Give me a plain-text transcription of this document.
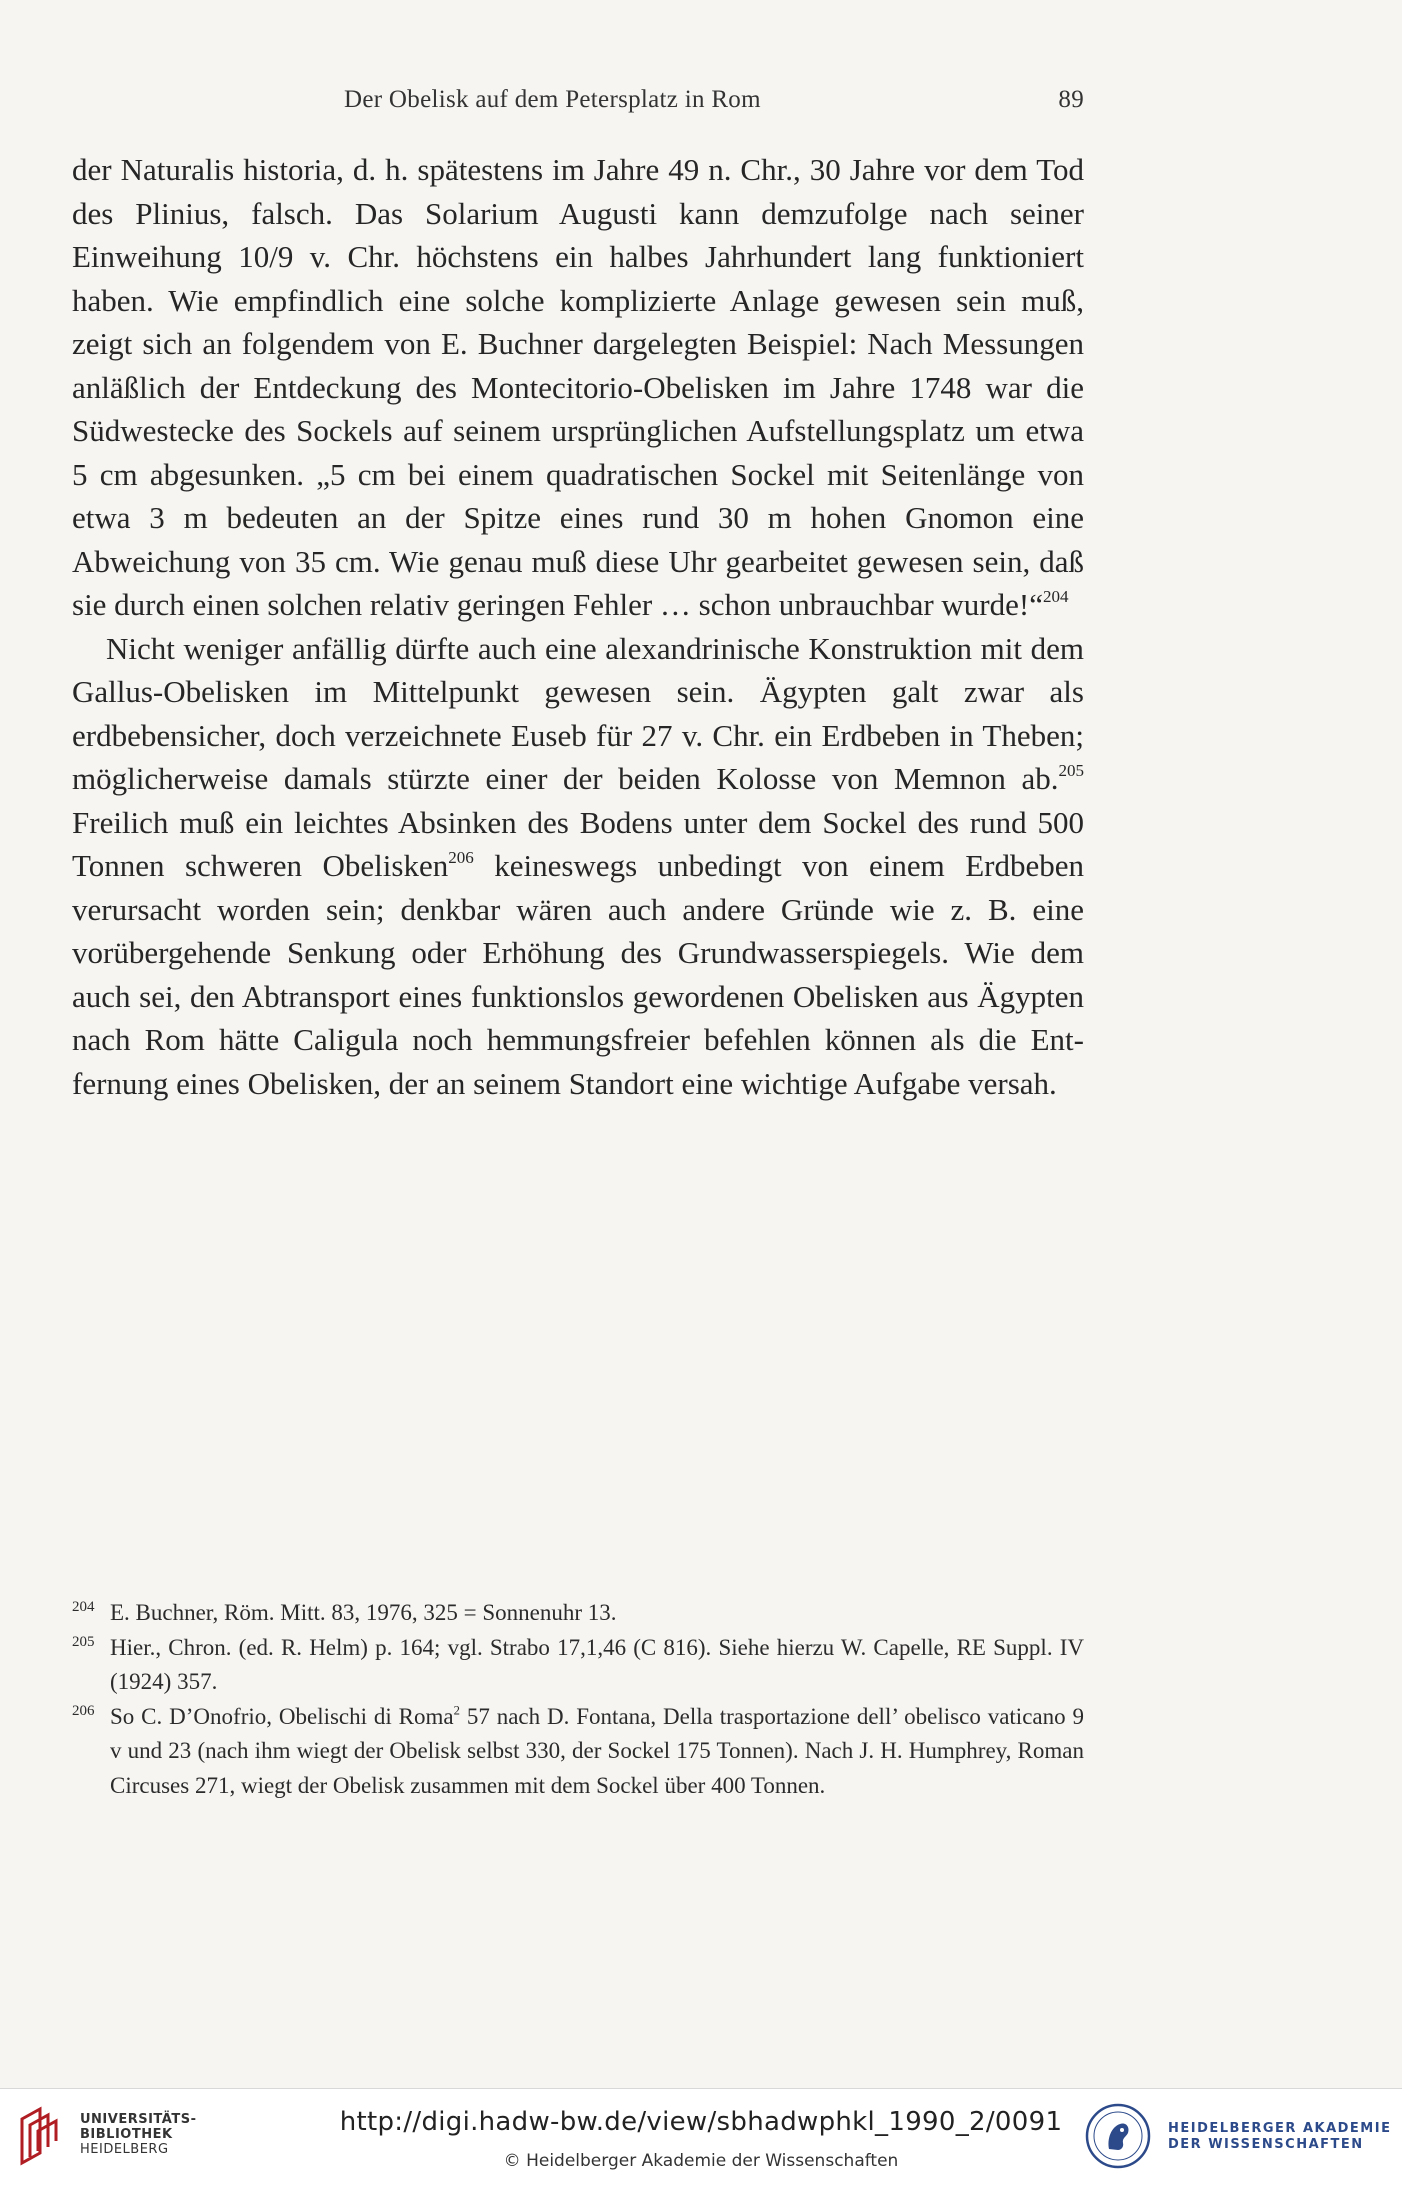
Der Obelisk auf dem Petersplatz in Rom	89

der Naturalis historia, d. h. spätestens im Jahre 49 n. Chr., 30 Jahre vor dem Tod des Plinius, falsch. Das Solarium Augusti kann demzufolge nach seiner Einweihung 10/9 v. Chr. höchstens ein halbes Jahrhundert lang funktioniert haben. Wie empfindlich eine solche komplizierte Anlage gewesen sein muß, zeigt sich an folgendem von E. Buchner dargelegten Beispiel: Nach Messungen anläßlich der Entdeckung des Montecitorio-Obelisken im Jahre 1748 war die Südwestecke des Sockels auf seinem ursprünglichen Aufstellungsplatz um etwa 5 cm abgesunken. „5 cm bei einem quadratischen Sockel mit Seitenlänge von etwa 3 m bedeuten an der Spitze eines rund 30 m hohen Gnomon eine Abweichung von 35 cm. Wie genau muß diese Uhr gearbeitet gewesen sein, daß sie durch einen solchen relativ geringen Fehler … schon unbrauchbar wurde!“$^{204}$

Nicht weniger anfällig dürfte auch eine alexandrinische Konstruktion mit dem Gallus-Obelisken im Mittelpunkt gewesen sein. Ägypten galt zwar als erdbebensicher, doch verzeichnete Euseb für 27 v. Chr. ein Erdbeben in Theben; möglicherweise damals stürzte einer der beiden Kolosse von Memnon ab.$^{205}$ Freilich muß ein leichtes Absinken des Bodens unter dem Sockel des rund 500 Tonnen schweren Obelisken$^{206}$ keineswegs unbedingt von einem Erdbeben verursacht worden sein; denkbar wären auch andere Gründe wie z. B. eine vorübergehende Senkung oder Erhöhung des Grundwasserspiegels. Wie dem auch sei, den Abtransport eines funktionslos gewordenen Obelisken aus Ägypten nach Rom hätte Caligula noch hemmungsfreier befehlen können als die Entfernung eines Obelisken, der an seinem Standort eine wichtige Aufgabe versah.

204 E. Buchner, Röm. Mitt. 83, 1976, 325 = Sonnenuhr 13.

205 Hier., Chron. (ed. R. Helm) p. 164; vgl. Strabo 17,1,46 (C 816). Siehe hierzu W. Capelle, RE Suppl. IV (1924) 357.

206 So C. D’Onofrio, Obelischi di Roma$^2$ 57 nach D. Fontana, Della trasportazione dell’ obelisco vaticano 9 v und 23 (nach ihm wiegt der Obelisk selbst 330, der Sockel 175 Tonnen). Nach J. H. Humphrey, Roman Circuses 271, wiegt der Obelisk zusammen mit dem Sockel über 400 Tonnen.

UNIVERSITÄTS-
BIBLIOTHEK
HEIDELBERG
http://digi.hadw-bw.de/view/sbhadwphkl_1990_2/0091
© Heidelberger Akademie der Wissenschaften
HEIDELBERGER AKADEMIE
DER WISSENSCHAFTEN
